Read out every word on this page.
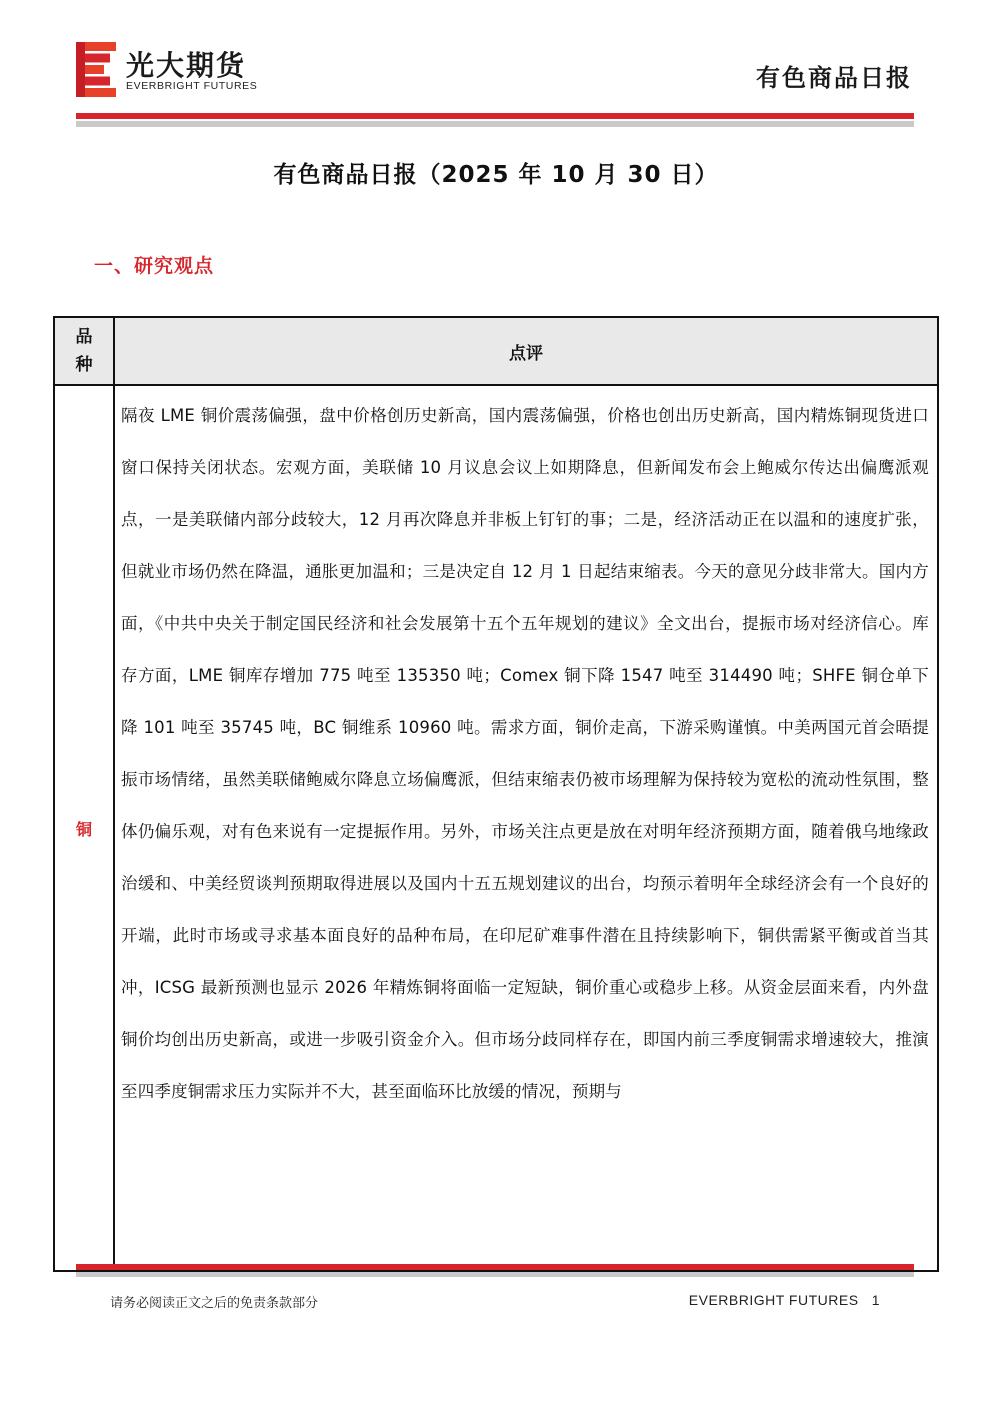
光大期货
EVERBRIGHT FUTURES	有色商品日报
有色商品日报（2025 年 10 月 30 日）
一、研究观点
品
种	点评
铜	隔夜 LME 铜价震荡偏强，盘中价格创历史新高，国内震荡偏强，价格也创出历史新高，国内精炼铜现货进口窗口保持关闭状态。宏观方面，美联储 10 月议息会议上如期降息，但新闻发布会上鲍威尔传达出偏鹰派观点，一是美联储内部分歧较大，12 月再次降息并非板上钉钉的事；二是，经济活动正在以温和的速度扩张，但就业市场仍然在降温，通胀更加温和；三是决定自 12 月 1 日起结束缩表。今天的意见分歧非常大。国内方面，《中共中央关于制定国民经济和社会发展第十五个五年规划的建议》全文出台，提振市场对经济信心。库存方面，LME 铜库存增加 775 吨至 135350 吨；Comex 铜下降 1547 吨至 314490 吨；SHFE 铜仓单下降 101 吨至 35745 吨，BC 铜维系 10960 吨。需求方面，铜价走高，下游采购谨慎。中美两国元首会晤提振市场情绪，虽然美联储鲍威尔降息立场偏鹰派，但结束缩表仍被市场理解为保持较为宽松的流动性氛围，整体仍偏乐观，对有色来说有一定提振作用。另外，市场关注点更是放在对明年经济预期方面，随着俄乌地缘政治缓和、中美经贸谈判预期取得进展以及国内十五五规划建议的出台，均预示着明年全球经济会有一个良好的开端，此时市场或寻求基本面良好的品种布局，在印尼矿难事件潜在且持续影响下，铜供需紧平衡或首当其冲，ICSG 最新预测也显示 2026 年精炼铜将面临一定短缺，铜价重心或稳步上移。从资金层面来看，内外盘铜价均创出历史新高，或进一步吸引资金介入。但市场分歧同样存在，即国内前三季度铜需求增速较大，推演至四季度铜需求压力实际并不大，甚至面临环比放缓的情况，预期与
请务必阅读正文之后的免责条款部分	EVERBRIGHT FUTURES 1
